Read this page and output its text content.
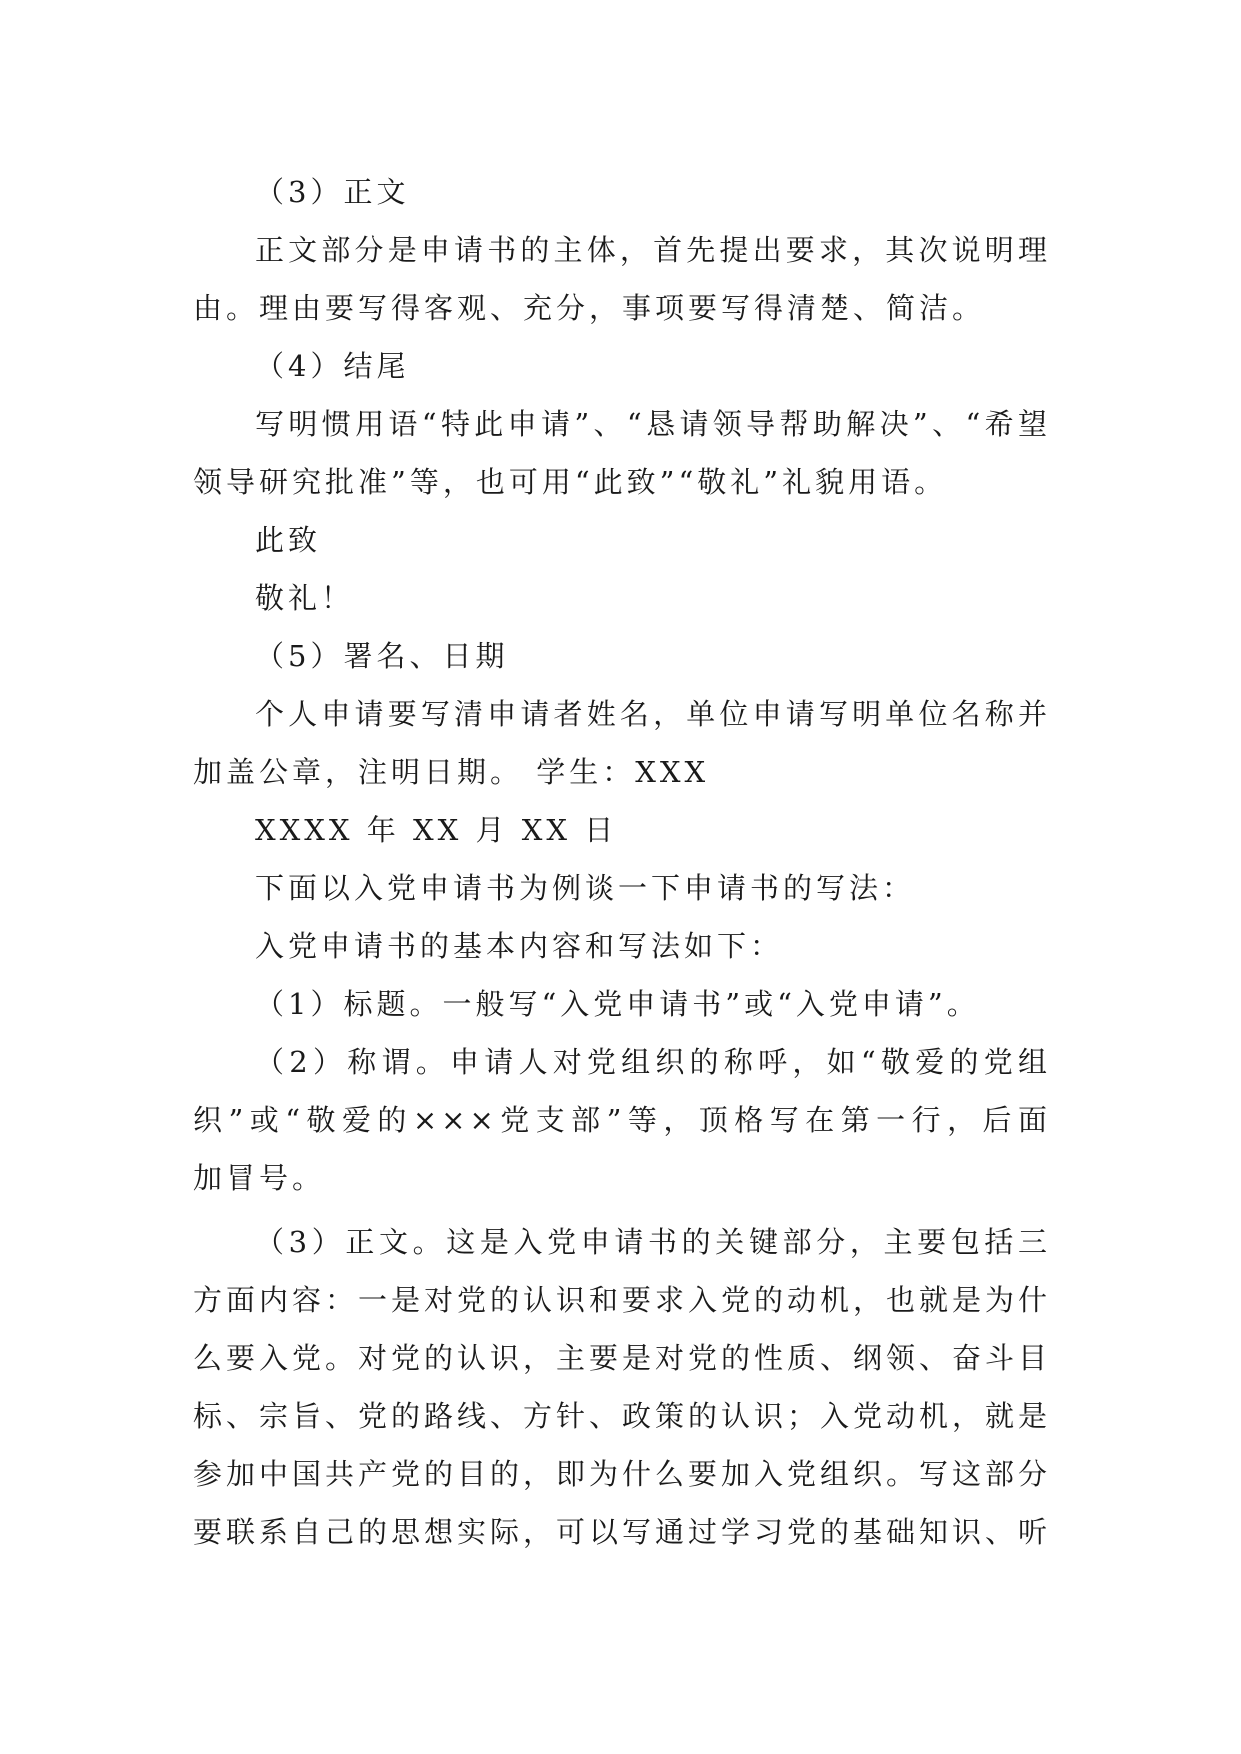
（3）正文
正文部分是申请书的主体，首先提出要求，其次说明理
由。理由要写得客观、充分，事项要写得清楚、简洁。
（4）结尾
写明惯用语“特此申请”、“恳请领导帮助解决”、“希望
领导研究批准”等，也可用“此致”“敬礼”礼貌用语。
此致
敬礼！
（5）署名、日期
个人申请要写清申请者姓名，单位申请写明单位名称并
加盖公章，注明日期。 学生：XXX
XXXX 年 XX 月 XX 日
下面以入党申请书为例谈一下申请书的写法：
入党申请书的基本内容和写法如下：
（1）标题。一般写“入党申请书”或“入党申请”。
（2）称谓。申请人对党组织的称呼，如“敬爱的党组
织”或“敬爱的×××党支部”等，顶格写在第一行，后面
加冒号。
（3）正文。这是入党申请书的关键部分，主要包括三
方面内容：一是对党的认识和要求入党的动机，也就是为什
么要入党。对党的认识，主要是对党的性质、纲领、奋斗目
标、宗旨、党的路线、方针、政策的认识；入党动机，就是
参加中国共产党的目的，即为什么要加入党组织。写这部分
要联系自己的思想实际，可以写通过学习党的基础知识、听
